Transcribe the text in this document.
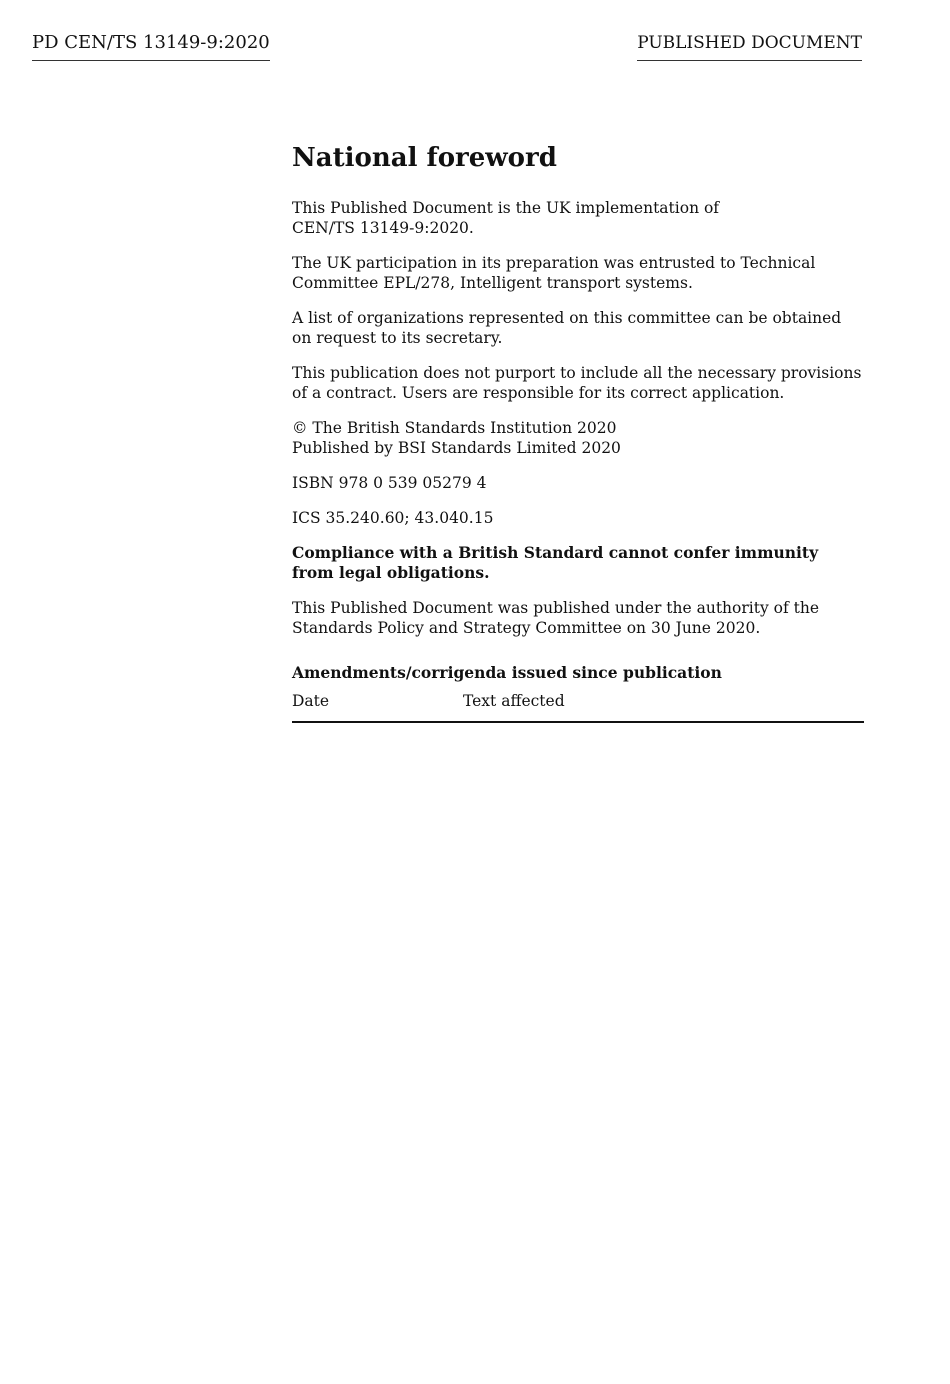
PD CEN/TS 13149-9:2020	PUBLISHED DOCUMENT
National foreword

This Published Document is the UK implementation of CEN/TS 13149-9:2020.

The UK participation in its preparation was entrusted to Technical Committee EPL/278, Intelligent transport systems.

A list of organizations represented on this committee can be obtained on request to its secretary.

This publication does not purport to include all the necessary provisions of a contract. Users are responsible for its correct application.

© The British Standards Institution 2020
Published by BSI Standards Limited 2020

ISBN 978 0 539 05279 4

ICS 35.240.60; 43.040.15

Compliance with a British Standard cannot confer immunity from legal obligations.

This Published Document was published under the authority of the Standards Policy and Strategy Committee on 30 June 2020.

Amendments/corrigenda issued since publication
Date	Text affected
